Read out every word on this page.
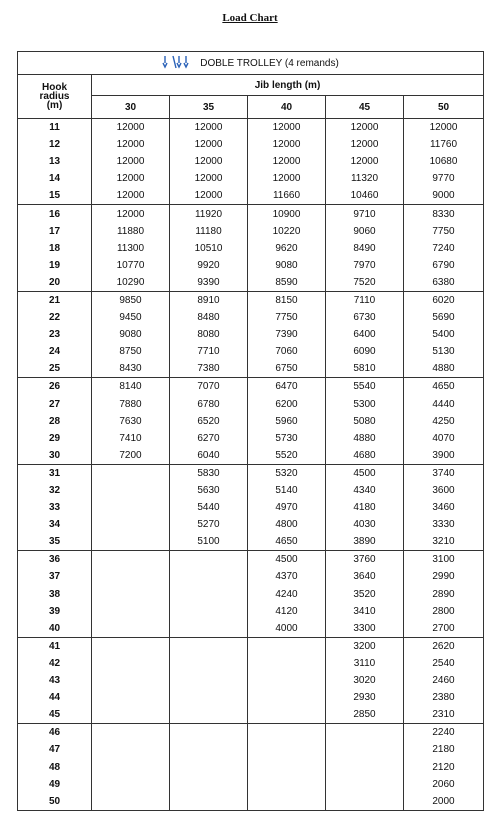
Load Chart
DOBLE TROLLEY (4 remands)					
Hook
radius
(m)	Jib length (m)				
	30	35	40	45	50
11	12000	12000	12000	12000	12000
12	12000	12000	12000	12000	11760
13	12000	12000	12000	12000	10680
14	12000	12000	12000	11320	9770
15	12000	12000	11660	10460	9000
16	12000	11920	10900	9710	8330
17	11880	11180	10220	9060	7750
18	11300	10510	9620	8490	7240
19	10770	9920	9080	7970	6790
20	10290	9390	8590	7520	6380
21	9850	8910	8150	7110	6020
22	9450	8480	7750	6730	5690
23	9080	8080	7390	6400	5400
24	8750	7710	7060	6090	5130
25	8430	7380	6750	5810	4880
26	8140	7070	6470	5540	4650
27	7880	6780	6200	5300	4440
28	7630	6520	5960	5080	4250
29	7410	6270	5730	4880	4070
30	7200	6040	5520	4680	3900
31		5830	5320	4500	3740
32		5630	5140	4340	3600
33		5440	4970	4180	3460
34		5270	4800	4030	3330
35		5100	4650	3890	3210
36			4500	3760	3100
37			4370	3640	2990
38			4240	3520	2890
39			4120	3410	2800
40			4000	3300	2700
41				3200	2620
42				3110	2540
43				3020	2460
44				2930	2380
45				2850	2310
46					2240
47					2180
48					2120
49					2060
50					2000
